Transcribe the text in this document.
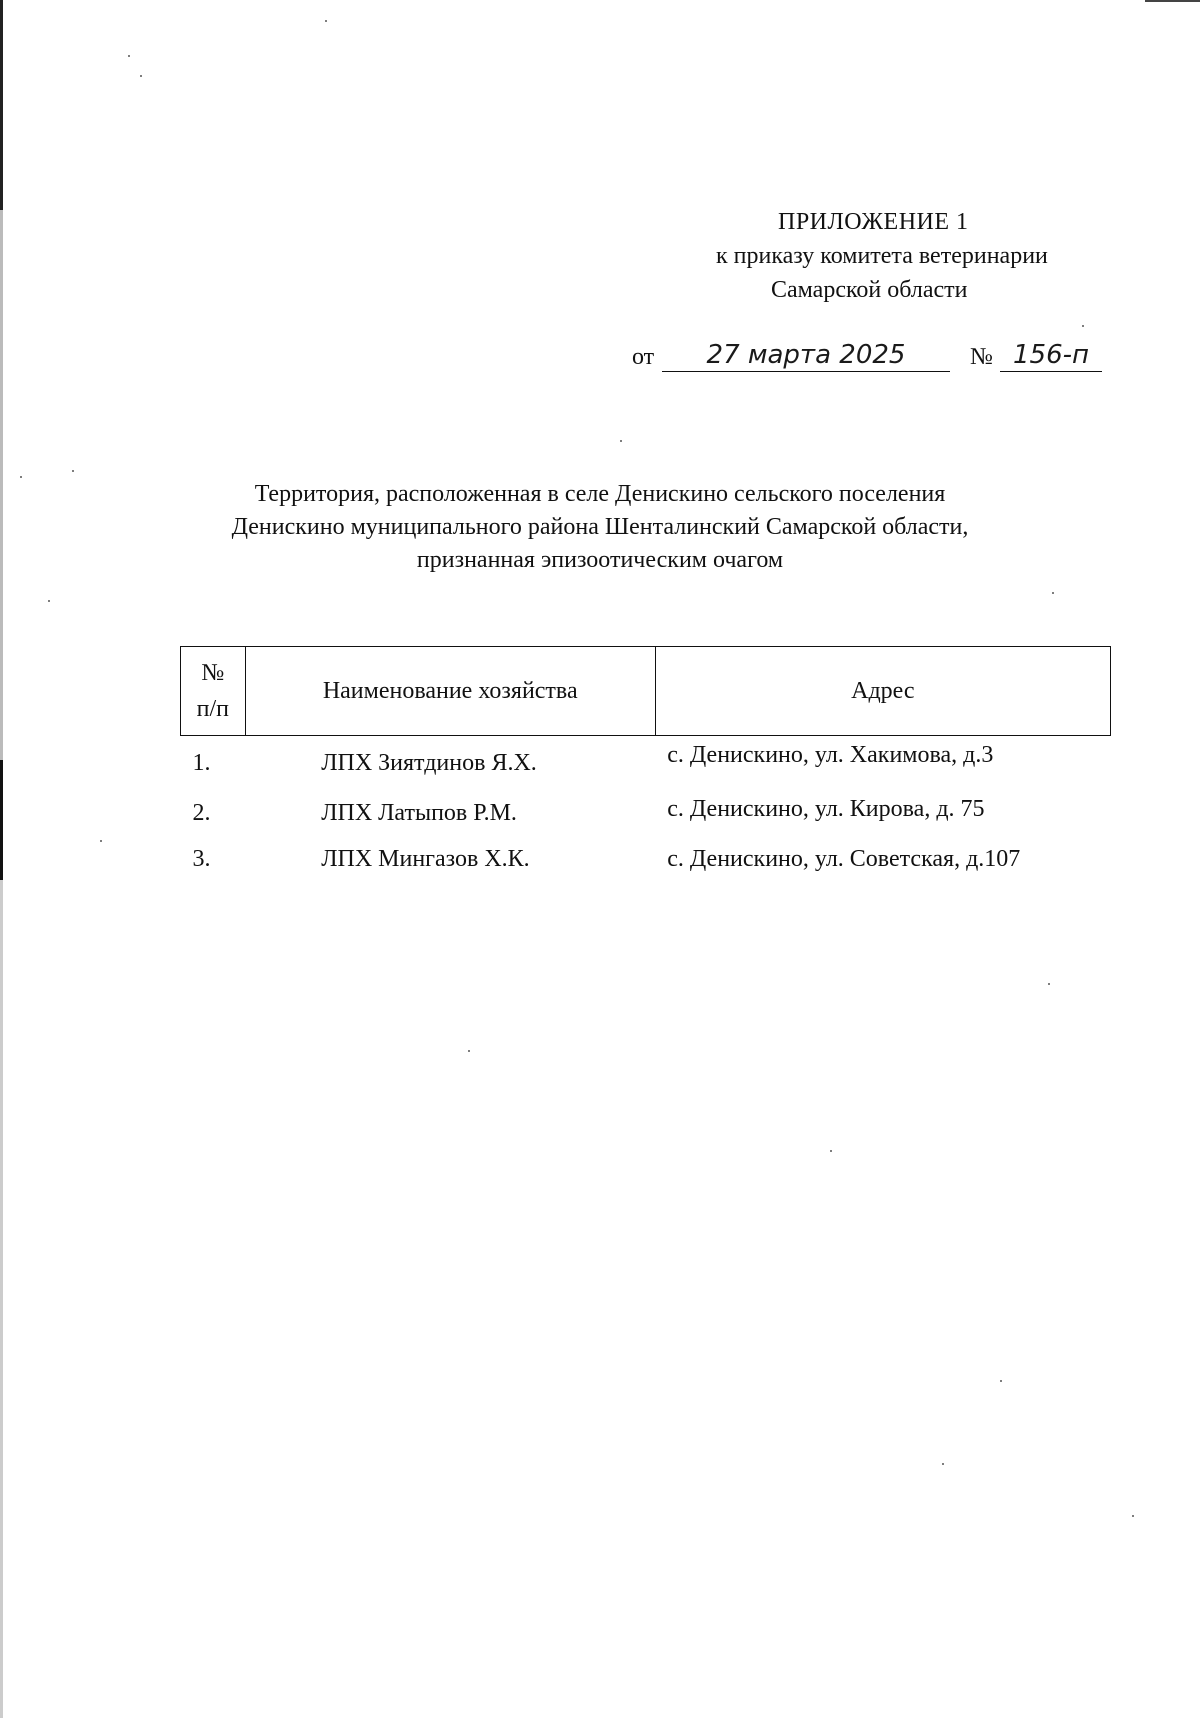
ПРИЛОЖЕНИЕ 1
к приказу комитета ветеринарии
Самарской области
от	27 марта 2025	№ 156-п
Территория, расположенная в селе Денискино сельского поселения
Денискино муниципального района Шенталинский Самарской области,
признанная эпизоотическим очагом
№
п/п	Наименование хозяйства	Адрес
1.	ЛПХ Зиятдинов Я.Х.	с. Денискино, ул. Хакимова, д.3
2.	ЛПХ Латыпов Р.М.	с. Денискино, ул. Кирова, д. 75
3.	ЛПХ Мингазов Х.К.	с. Денискино, ул. Советская, д.107
